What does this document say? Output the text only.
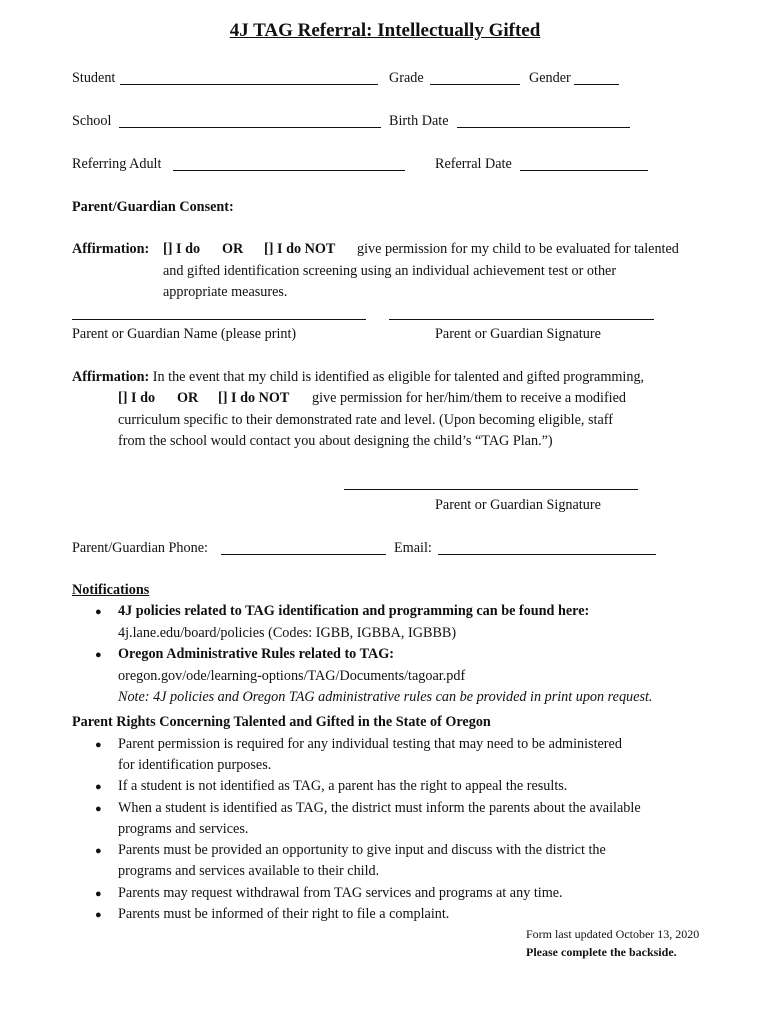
4J TAG Referral: Intellectually Gifted
Student	Grade	Gender
School	Birth Date
Referring Adult	Referral Date
Parent/Guardian Consent:
Affirmation: [] I do OR [] I do NOT give permission for my child to be evaluated for talented
and gifted identification screening using an individual achievement test or other
appropriate measures.
Parent or Guardian Name (please print)	Parent or Guardian Signature
Affirmation: In the event that my child is identified as eligible for talented and gifted programming,
[] I do OR [] I do NOT give permission for her/him/them to receive a modified
curriculum specific to their demonstrated rate and level. (Upon becoming eligible, staff
from the school would contact you about designing the child’s “TAG Plan.”)
Parent or Guardian Signature
Parent/Guardian Phone:	Email:
Notifications
● 4J policies related to TAG identification and programming can be found here:
4j.lane.edu/board/policies (Codes: IGBB, IGBBA, IGBBB)
● Oregon Administrative Rules related to TAG:
oregon.gov/ode/learning-options/TAG/Documents/tagoar.pdf
Note: 4J policies and Oregon TAG administrative rules can be provided in print upon request.
Parent Rights Concerning Talented and Gifted in the State of Oregon
● Parent permission is required for any individual testing that may need to be administered
for identification purposes.
● If a student is not identified as TAG, a parent has the right to appeal the results.
● When a student is identified as TAG, the district must inform the parents about the available
programs and services.
● Parents must be provided an opportunity to give input and discuss with the district the
programs and services available to their child.
● Parents may request withdrawal from TAG services and programs at any time.
● Parents must be informed of their right to file a complaint.
Form last updated October 13, 2020
Please complete the backside.
